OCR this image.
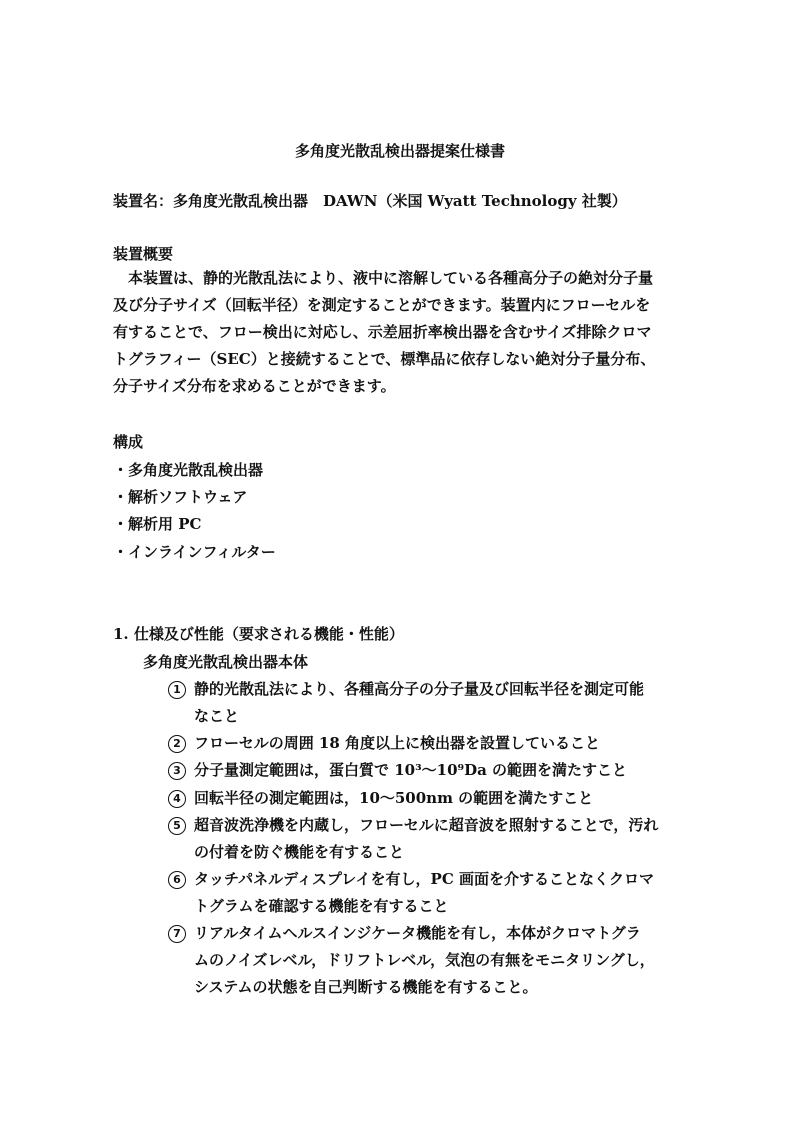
多角度光散乱検出器提案仕様書
装置名：多角度光散乱検出器　DAWN（米国 Wyatt Technology 社製）
装置概要
　本装置は、静的光散乱法により、液中に溶解している各種高分子の絶対分子量
及び分子サイズ（回転半径）を測定することができます。装置内にフローセルを
有することで、フロー検出に対応し、示差屈折率検出器を含むサイズ排除クロマ
トグラフィー（SEC）と接続することで、標準品に依存しない絶対分子量分布、
分子サイズ分布を求めることができます。
構成
・多角度光散乱検出器
・解析ソフトウェア
・解析用 PC
・インラインフィルター
1. 仕様及び性能（要求される機能・性能）
多角度光散乱検出器本体
1 静的光散乱法により、各種高分子の分子量及び回転半径を測定可能
なこと
2 フローセルの周囲 18 角度以上に検出器を設置していること
3 分子量測定範囲は，蛋白質で 10³～10⁹Da の範囲を満たすこと
4 回転半径の測定範囲は，10～500nm の範囲を満たすこと
5 超音波洗浄機を内蔵し，フローセルに超音波を照射することで，汚れ
の付着を防ぐ機能を有すること
6 タッチパネルディスプレイを有し，PC 画面を介することなくクロマ
トグラムを確認する機能を有すること
7 リアルタイムヘルスインジケータ機能を有し，本体がクロマトグラ
ムのノイズレベル，ドリフトレベル，気泡の有無をモニタリングし，
システムの状態を自己判断する機能を有すること。
